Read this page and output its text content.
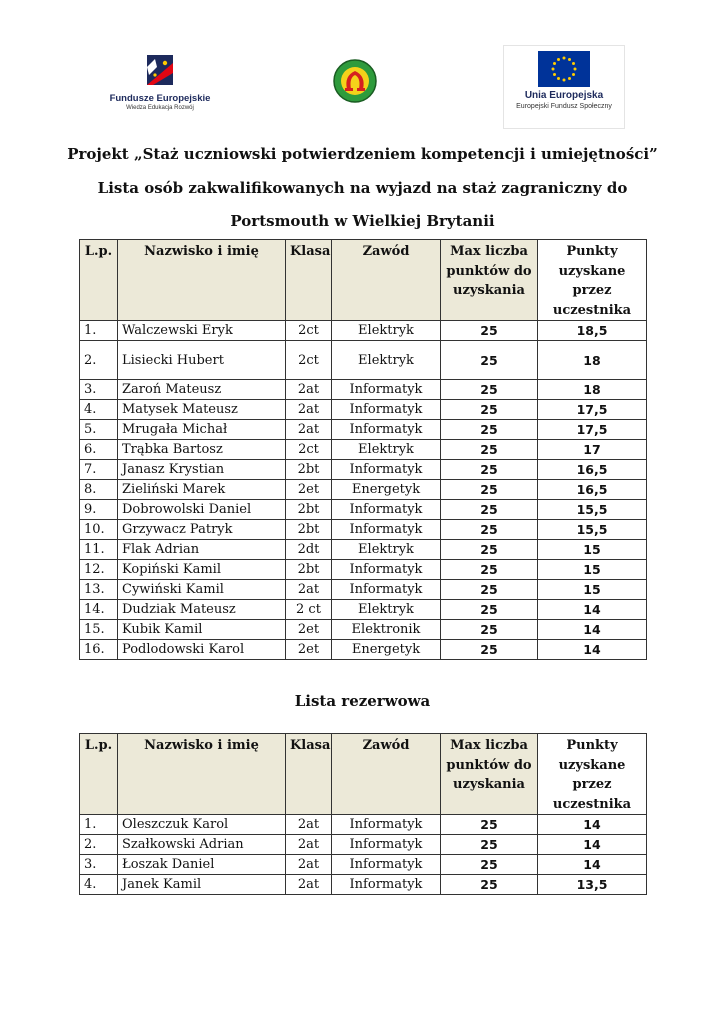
Fundusze Europejskie
Wiedza Edukacja Rozwój
Unia Europejska
Europejski Fundusz Społeczny
Projekt „Staż uczniowski potwierdzeniem kompetencji i umiejętności”
Lista osób zakwalifikowanych na wyjazd na staż zagraniczny do
Portsmouth w Wielkiej Brytanii
L.p.	Nazwisko i imię	Klasa	Zawód	Max liczba punktów do uzyskania	Punkty uzyskane przez uczestnika
1.	Walczewski Eryk	2ct	Elektryk	25	18,5
2.	Lisiecki Hubert	2ct	Elektryk	25	18
3.	Zaroń Mateusz	2at	Informatyk	25	18
4.	Matysek Mateusz	2at	Informatyk	25	17,5
5.	Mrugała Michał	2at	Informatyk	25	17,5
6.	Trąbka Bartosz	2ct	Elektryk	25	17
7.	Janasz Krystian	2bt	Informatyk	25	16,5
8.	Zieliński Marek	2et	Energetyk	25	16,5
9.	Dobrowolski Daniel	2bt	Informatyk	25	15,5
10.	Grzywacz Patryk	2bt	Informatyk	25	15,5
11.	Flak Adrian	2dt	Elektryk	25	15
12.	Kopiński Kamil	2bt	Informatyk	25	15
13.	Cywiński Kamil	2at	Informatyk	25	15
14.	Dudziak Mateusz	2 ct	Elektryk	25	14
15.	Kubik Kamil	2et	Elektronik	25	14
16.	Podlodowski Karol	2et	Energetyk	25	14
Lista rezerwowa
L.p.	Nazwisko i imię	Klasa	Zawód	Max liczba punktów do uzyskania	Punkty uzyskane przez uczestnika
1.	Oleszczuk Karol	2at	Informatyk	25	14
2.	Szałkowski Adrian	2at	Informatyk	25	14
3.	Łoszak Daniel	2at	Informatyk	25	14
4.	Janek Kamil	2at	Informatyk	25	13,5
